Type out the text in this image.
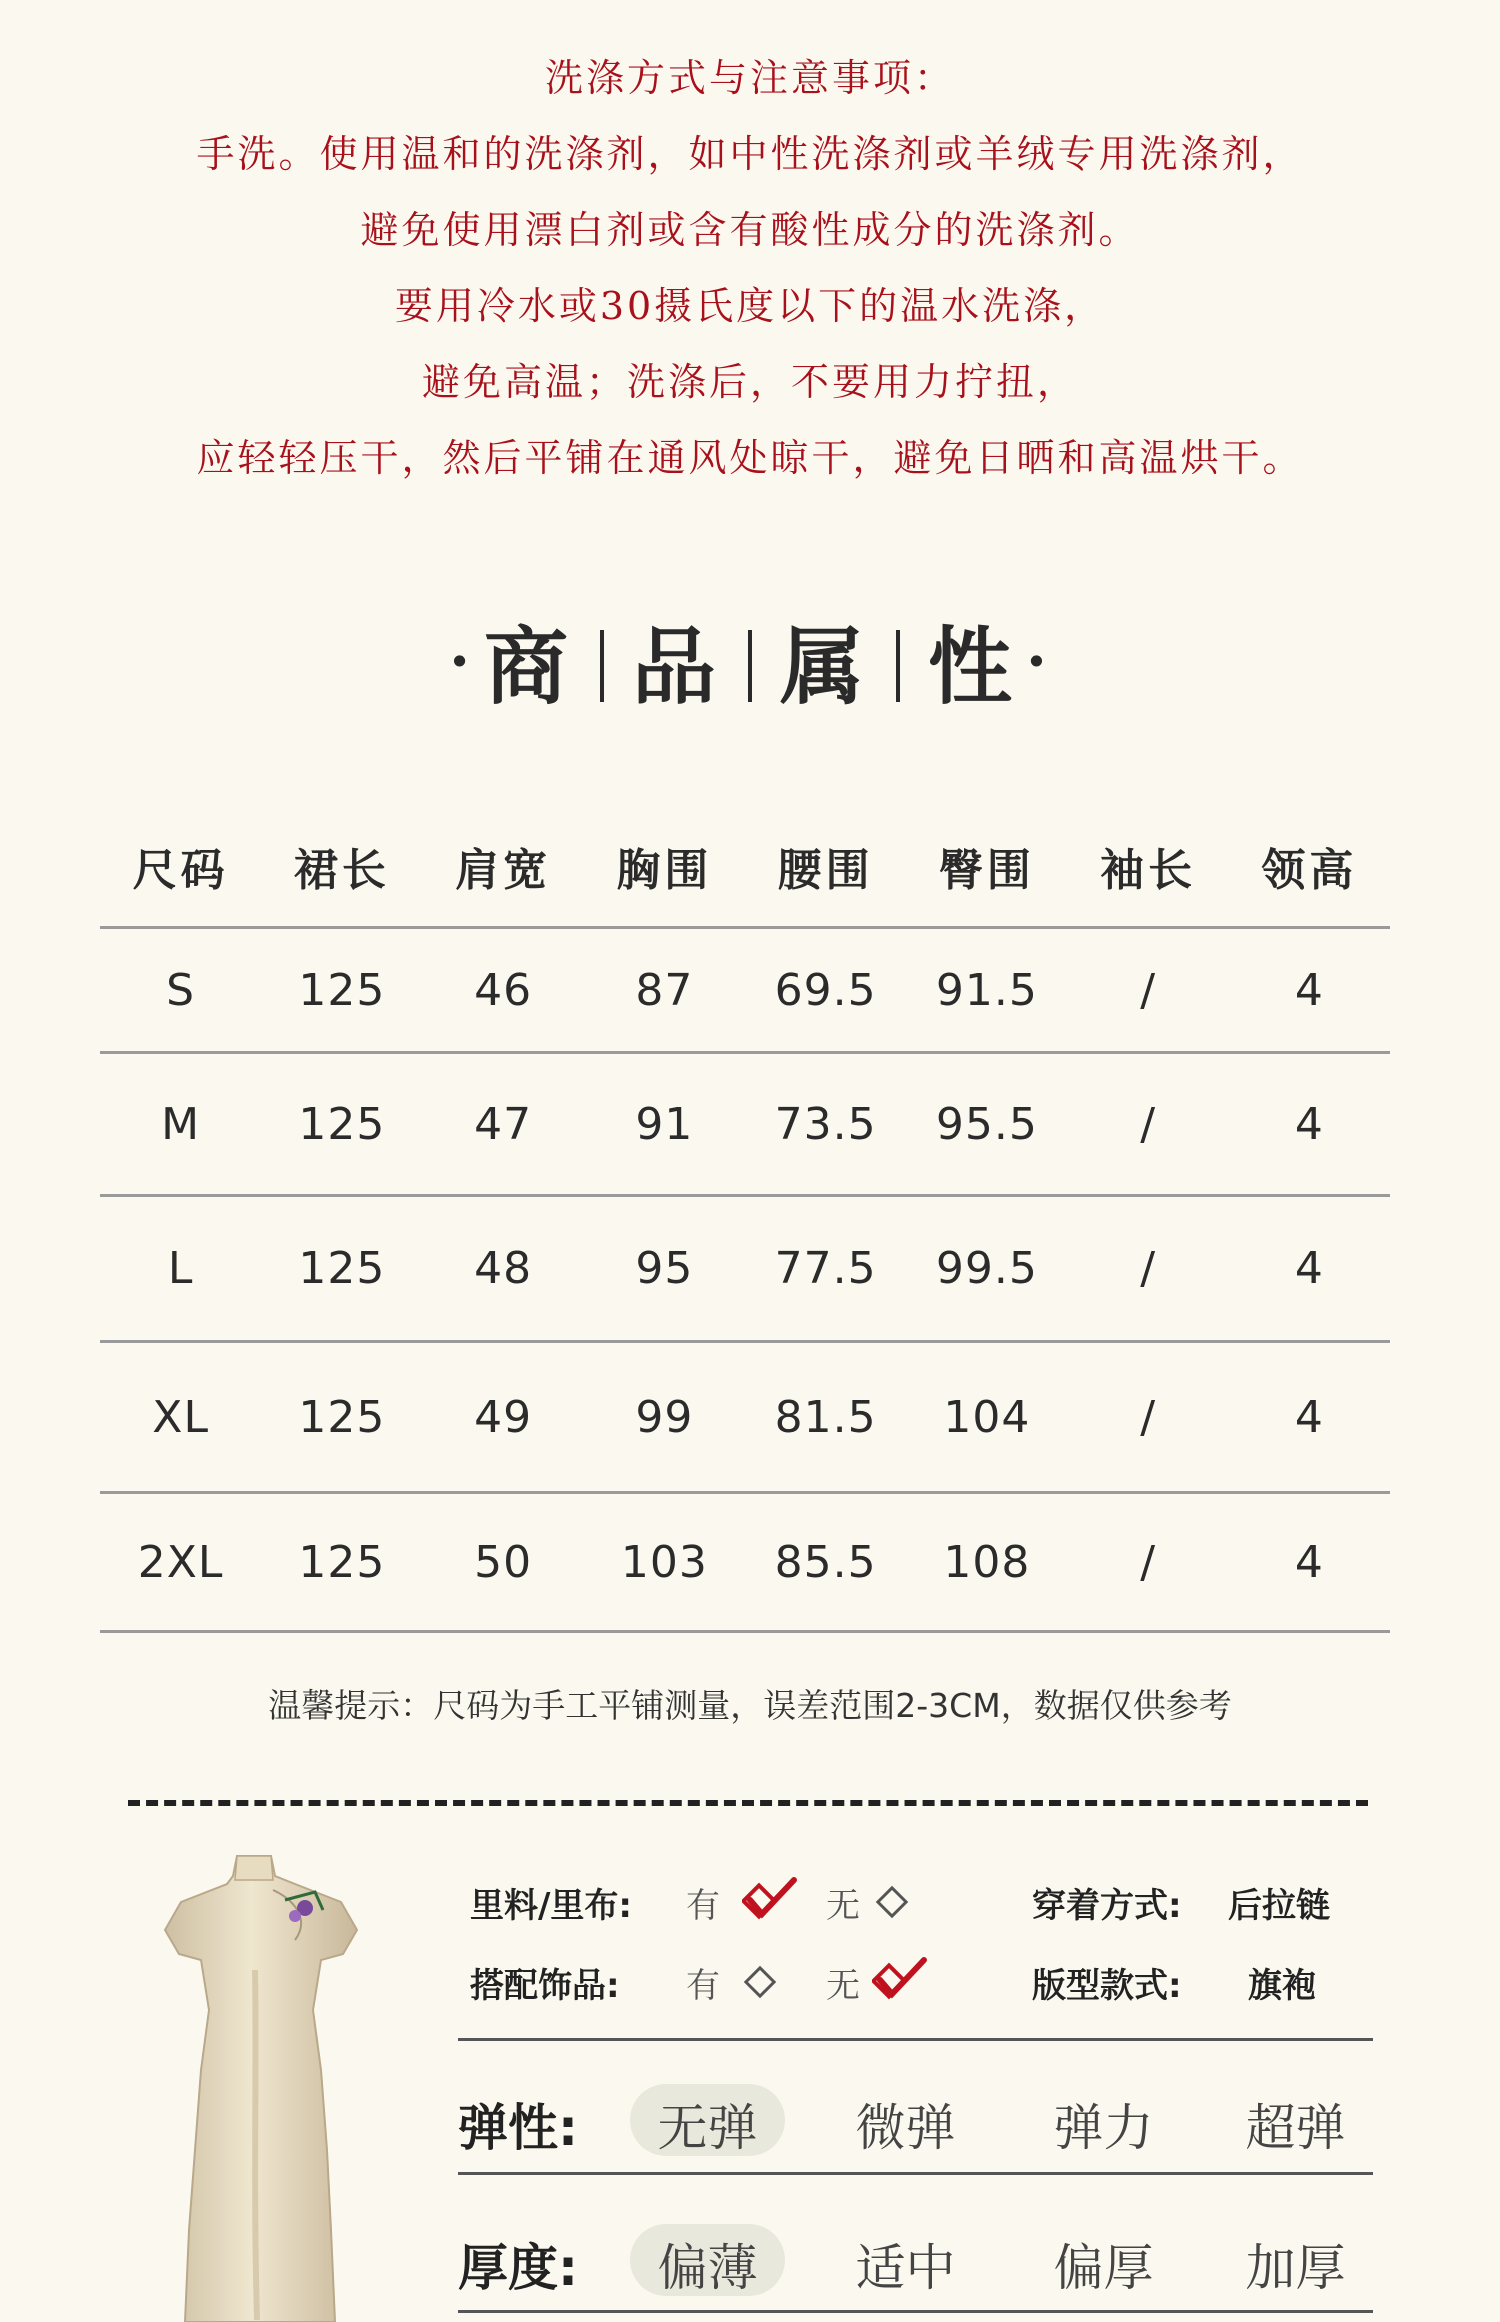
洗涤方式与注意事项：
手洗。使用温和的洗涤剂，如中性洗涤剂或羊绒专用洗涤剂，
避免使用漂白剂或含有酸性成分的洗涤剂。
要用冷水或30摄氏度以下的温水洗涤，
避免高温；洗涤后，不要用力拧扭，
应轻轻压干，然后平铺在通风处晾干，避免日晒和高温烘干。
· 商 品 属 性 ·
尺码	裙长	肩宽	胸围	腰围	臀围	袖长	领高
S	125	46	87	69.5	91.5	/	4
M	125	47	91	73.5	95.5	/	4
L	125	48	95	77.5	99.5	/	4
XL	125	49	99	81.5	104	/	4
2XL	125	50	103	85.5	108	/	4
温馨提示：尺码为手工平铺测量，误差范围2-3CM，数据仅供参考
里料/里布: 有	无	穿着方式: 后拉链
搭配饰品: 有	无	版型款式: 旗袍
弹性:	无弹	微弹	弹力	超弹
厚度:	偏薄	适中	偏厚	加厚
